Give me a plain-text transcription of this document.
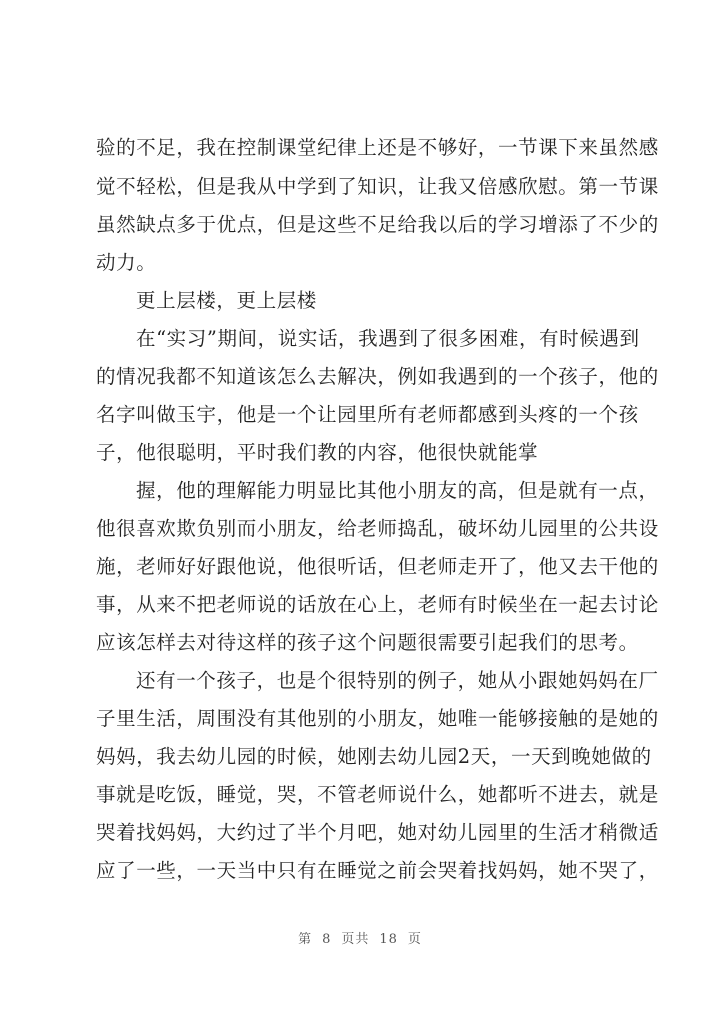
验的不足，我在控制课堂纪律上还是不够好，一节课下来虽然感
觉不轻松，但是我从中学到了知识，让我又倍感欣慰。第一节课
虽然缺点多于优点，但是这些不足给我以后的学习增添了不少的
动力。
更上层楼，更上层楼
在“实习”期间，说实话，我遇到了很多困难，有时候遇到
的情况我都不知道该怎么去解决，例如我遇到的一个孩子，他的
名字叫做玉宇，他是一个让园里所有老师都感到头疼的一个孩
子，他很聪明，平时我们教的内容，他很快就能掌
握，他的理解能力明显比其他小朋友的高，但是就有一点，
他很喜欢欺负别而小朋友，给老师捣乱，破坏幼儿园里的公共设
施，老师好好跟他说，他很听话，但老师走开了，他又去干他的
事，从来不把老师说的话放在心上，老师有时候坐在一起去讨论
应该怎样去对待这样的孩子这个问题很需要引起我们的思考。
还有一个孩子，也是个很特别的例子，她从小跟她妈妈在厂
子里生活，周围没有其他别的小朋友，她唯一能够接触的是她的
妈妈，我去幼儿园的时候，她刚去幼儿园2天，一天到晚她做的
事就是吃饭，睡觉，哭，不管老师说什么，她都听不进去，就是
哭着找妈妈，大约过了半个月吧，她对幼儿园里的生活才稍微适
应了一些，一天当中只有在睡觉之前会哭着找妈妈，她不哭了，
第 8 页共 18 页
